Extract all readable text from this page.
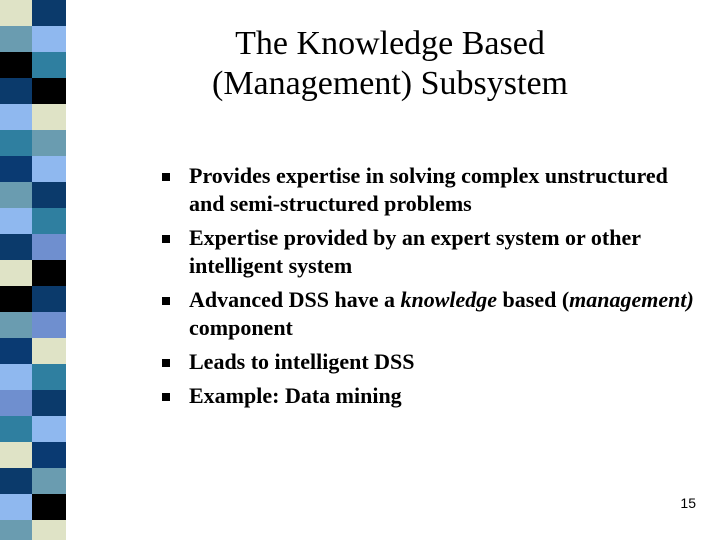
The Knowledge Based
(Management) Subsystem
Provides expertise in solving complex unstructured and semi-structured problems
Expertise provided by an expert system or other intelligent system
Advanced DSS have a knowledge based (management) component
Leads to intelligent DSS
Example: Data mining
15
